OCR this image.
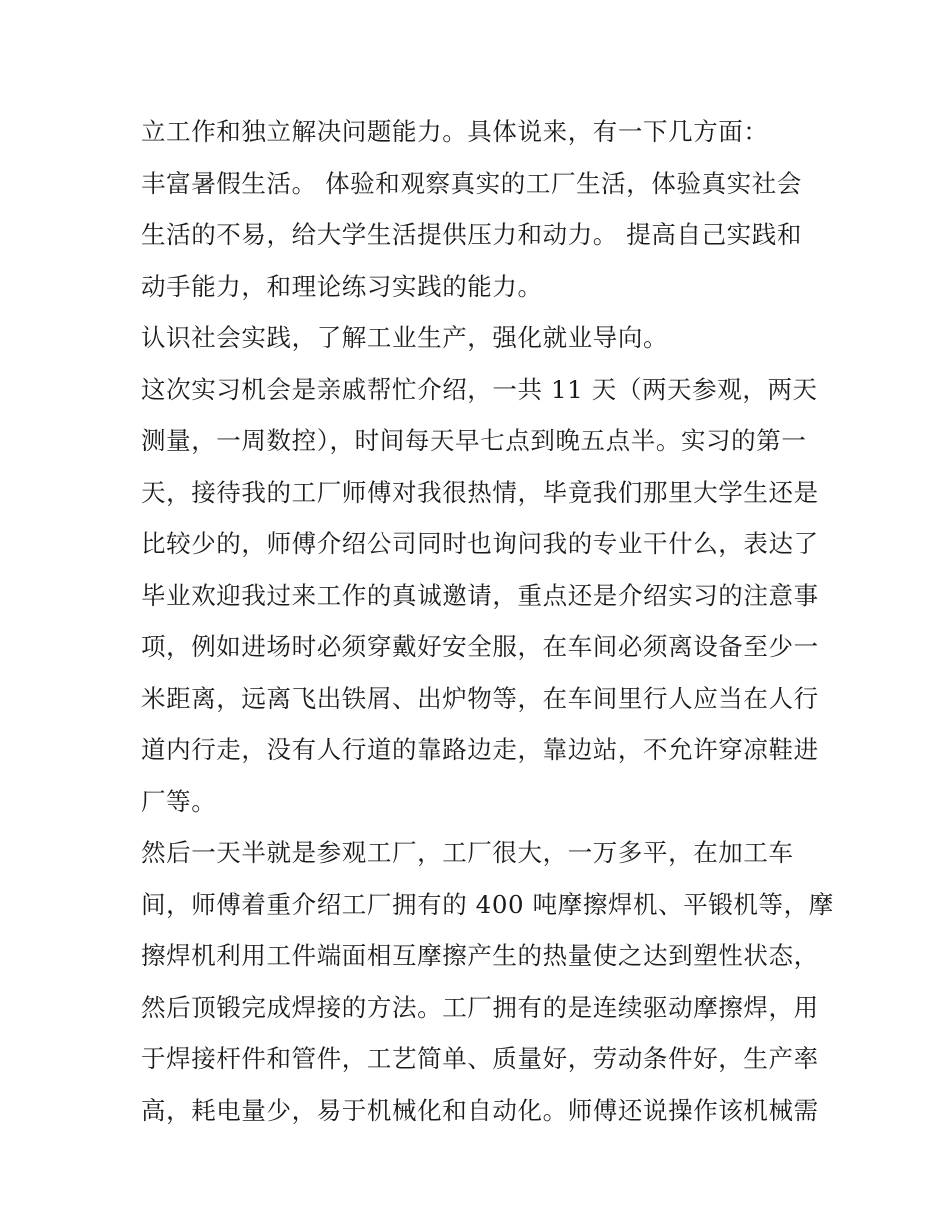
立工作和独立解决问题能力。具体说来，有一下几方面：
丰富暑假生活。 体验和观察真实的工厂生活，体验真实社会
生活的不易，给大学生活提供压力和动力。 提高自己实践和
动手能力，和理论练习实践的能力。
认识社会实践，了解工业生产，强化就业导向。
这次实习机会是亲戚帮忙介绍，一共 11 天（两天参观，两天
测量，一周数控），时间每天早七点到晚五点半。实习的第一
天，接待我的工厂师傅对我很热情，毕竟我们那里大学生还是
比较少的，师傅介绍公司同时也询问我的专业干什么，表达了
毕业欢迎我过来工作的真诚邀请，重点还是介绍实习的注意事
项，例如进场时必须穿戴好安全服，在车间必须离设备至少一
米距离，远离飞出铁屑、出炉物等，在车间里行人应当在人行
道内行走，没有人行道的靠路边走，靠边站，不允许穿凉鞋进
厂等。
然后一天半就是参观工厂，工厂很大，一万多平，在加工车
间，师傅着重介绍工厂拥有的 400 吨摩擦焊机、平锻机等，摩
擦焊机利用工件端面相互摩擦产生的热量使之达到塑性状态，
然后顶锻完成焊接的方法。工厂拥有的是连续驱动摩擦焊，用
于焊接杆件和管件，工艺简单、质量好，劳动条件好，生产率
高，耗电量少，易于机械化和自动化。师傅还说操作该机械需
